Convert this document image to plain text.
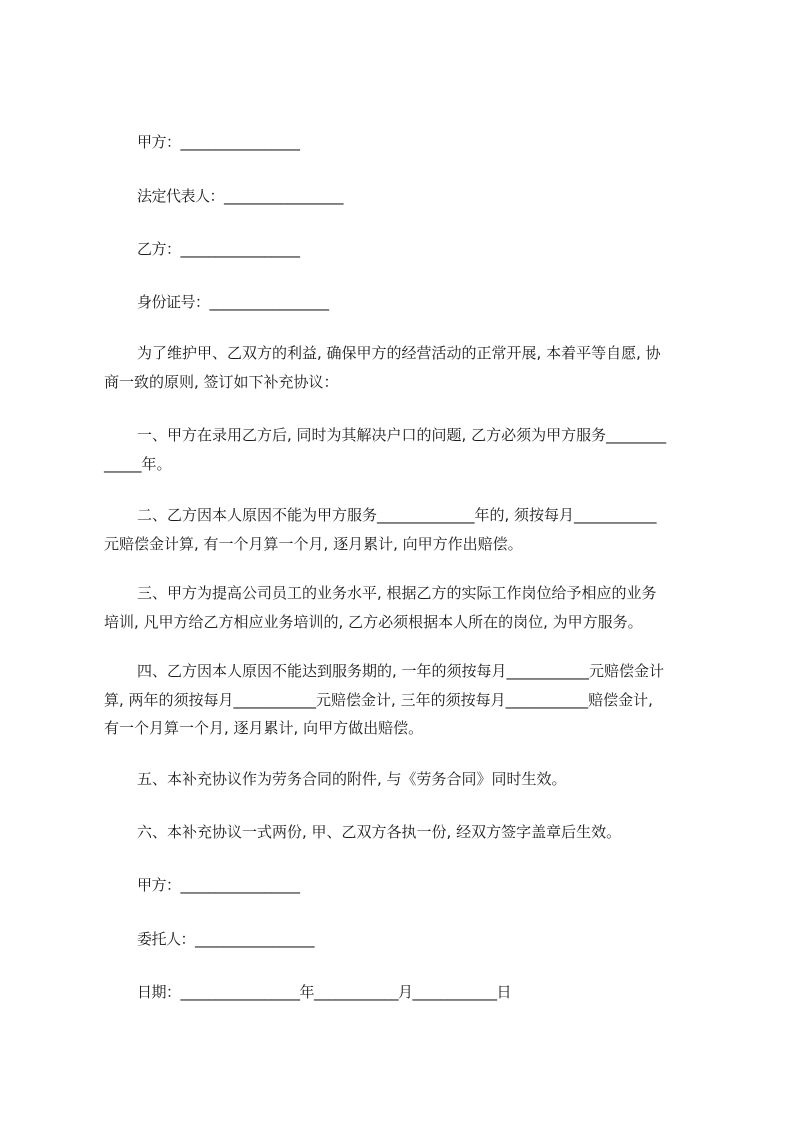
甲方：_________________
法定代表人：_________________
乙方：_________________
身份证号：_________________
为了维护甲、乙双方的利益, 确保甲方的经营活动的正常开展, 本着平等自愿, 协
商一致的原则, 签订如下补充协议：
一、甲方在录用乙方后, 同时为其解决户口的问题, 乙方必须为甲方服务________
_____年。
二、乙方因本人原因不能为甲方服务_____________年的, 须按每月___________
元赔偿金计算, 有一个月算一个月, 逐月累计, 向甲方作出赔偿。
三、甲方为提高公司员工的业务水平, 根据乙方的实际工作岗位给予相应的业务
培训, 凡甲方给乙方相应业务培训的, 乙方必须根据本人所在的岗位, 为甲方服务。
四、乙方因本人原因不能达到服务期的, 一年的须按每月___________元赔偿金计
算, 两年的须按每月___________元赔偿金计, 三年的须按每月___________赔偿金计,
有一个月算一个月, 逐月累计, 向甲方做出赔偿。
五、本补充协议作为劳务合同的附件, 与《劳务合同》同时生效。
六、本补充协议一式两份, 甲、乙双方各执一份, 经双方签字盖章后生效。
甲方：_________________
委托人：_________________
日期：_________________年____________月____________日
